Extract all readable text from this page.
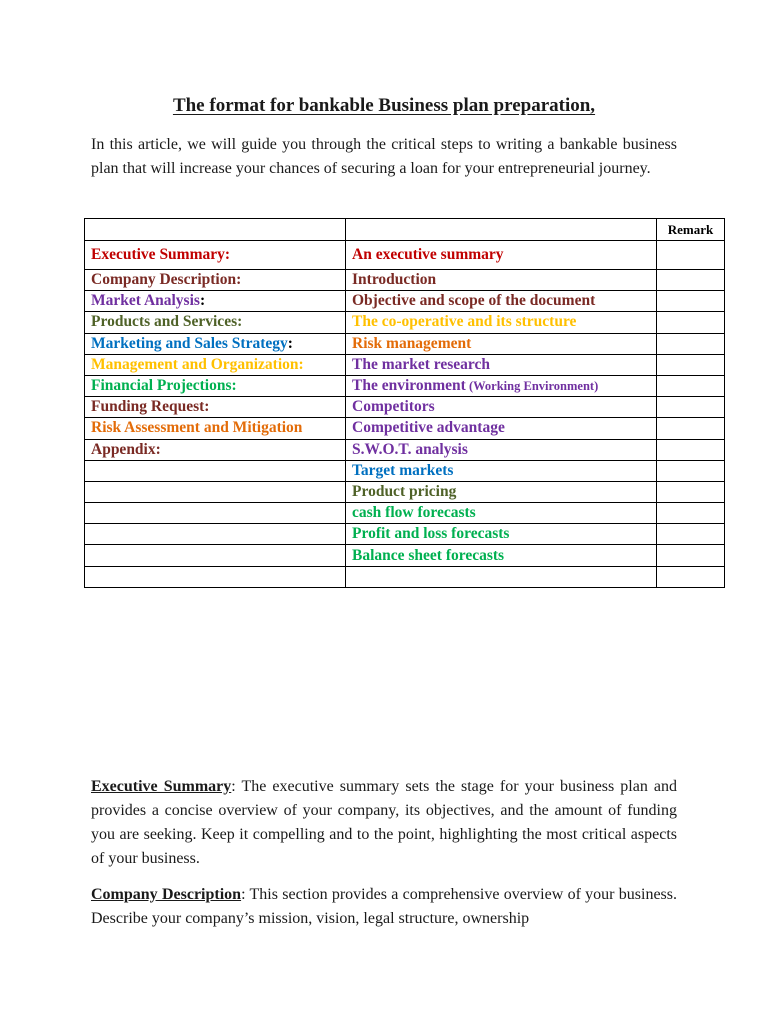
The format for bankable Business plan preparation,

In this article, we will guide you through the critical steps to writing a bankable business plan that will increase your chances of securing a loan for your entrepreneurial journey.

		Remark
Executive Summary:	An executive summary	
Company Description:	Introduction	
Market Analysis:	Objective and scope of the document	
Products and Services:	The co-operative and its structure	
Marketing and Sales Strategy:	Risk management	
Management and Organization:	The market research	
Financial Projections:	The environment (Working Environment)	
Funding Request:	Competitors	
Risk Assessment and Mitigation	Competitive advantage	
Appendix:	S.W.O.T. analysis	
	Target markets	
	Product pricing	
	cash flow forecasts	
	Profit and loss forecasts	
	Balance sheet forecasts	

Executive Summary: The executive summary sets the stage for your business plan and provides a concise overview of your company, its objectives, and the amount of funding you are seeking. Keep it compelling and to the point, highlighting the most critical aspects of your business.

Company Description: This section provides a comprehensive overview of your business. Describe your company’s mission, vision, legal structure, ownership
